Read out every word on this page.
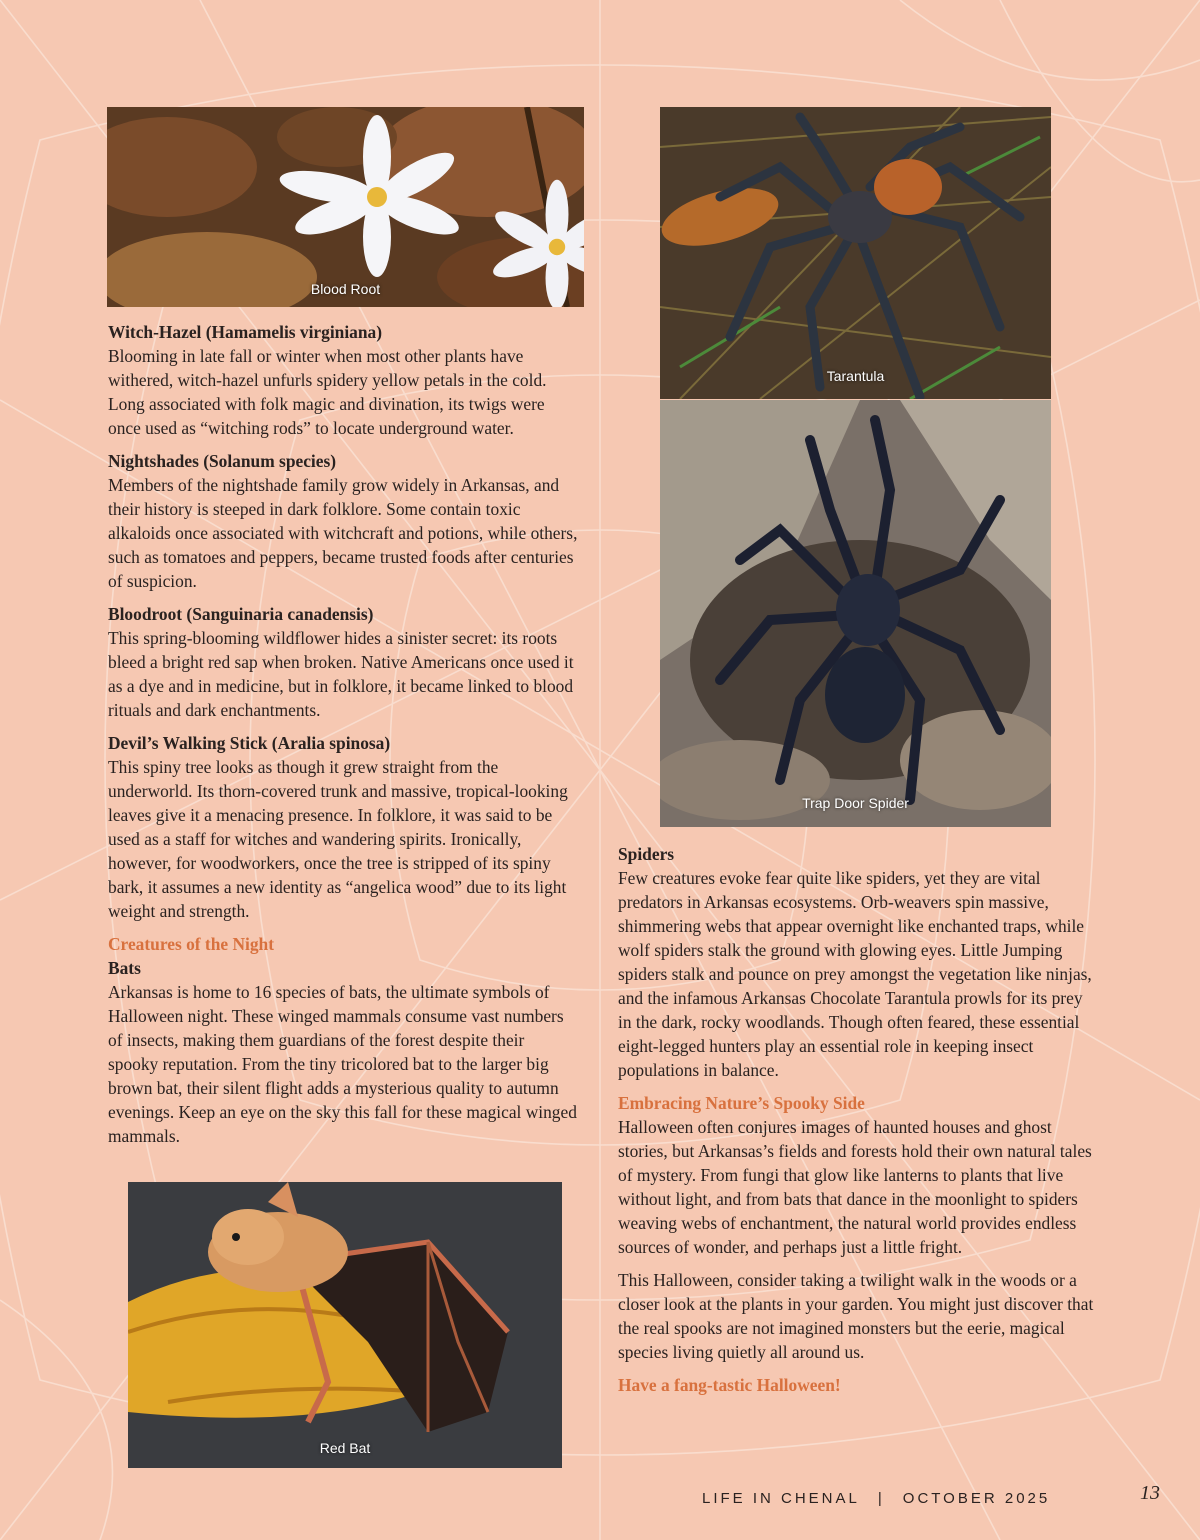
Blood Root
Tarantula
Trap Door Spider
Red Bat
Witch-Hazel (Hamamelis virginiana)

Blooming in late fall or winter when most other plants have withered, witch-hazel unfurls spidery yellow petals in the cold. Long associated with folk magic and divination, its twigs were once used as “witching rods” to locate underground water.

Nightshades (Solanum species)

Members of the nightshade family grow widely in Arkansas, and their history is steeped in dark folklore. Some contain toxic alkaloids once associated with witchcraft and potions, while others, such as tomatoes and peppers, became trusted foods after centuries of suspicion.

Bloodroot (Sanguinaria canadensis)

This spring-blooming wildflower hides a sinister secret: its roots bleed a bright red sap when broken. Native Americans once used it as a dye and in medicine, but in folklore, it became linked to blood rituals and dark enchantments.

Devil’s Walking Stick (Aralia spinosa)

This spiny tree looks as though it grew straight from the underworld. Its thorn-covered trunk and massive, tropical-looking leaves give it a menacing presence. In folklore, it was said to be used as a staff for witches and wandering spirits. Ironically, however, for woodworkers, once the tree is stripped of its spiny bark, it assumes a new identity as “angelica wood” due to its light weight and strength.

Creatures of the Night
Bats

Arkansas is home to 16 species of bats, the ultimate symbols of Halloween night. These winged mammals consume vast numbers of insects, making them guardians of the forest despite their spooky reputation. From the tiny tricolored bat to the larger big brown bat, their silent flight adds a mysterious quality to autumn evenings. Keep an eye on the sky this fall for these magical winged mammals.

Spiders

Few creatures evoke fear quite like spiders, yet they are vital predators in Arkansas ecosystems. Orb-weavers spin massive, shimmering webs that appear overnight like enchanted traps, while wolf spiders stalk the ground with glowing eyes. Little Jumping spiders stalk and pounce on prey amongst the vegetation like ninjas, and the infamous Arkansas Chocolate Tarantula prowls for its prey in the dark, rocky woodlands. Though often feared, these essential eight-legged hunters play an essential role in keeping insect populations in balance.

Embracing Nature’s Spooky Side

Halloween often conjures images of haunted houses and ghost stories, but Arkansas’s fields and forests hold their own natural tales of mystery. From fungi that glow like lanterns to plants that live without light, and from bats that dance in the moonlight to spiders weaving webs of enchantment, the natural world provides endless sources of wonder, and perhaps just a little fright.

This Halloween, consider taking a twilight walk in the woods or a closer look at the plants in your garden. You might just discover that the real spooks are not imagined monsters but the eerie, magical species living quietly all around us.

Have a fang-tastic Halloween!

LIFE IN CHENAL | OCTOBER 2025	13
